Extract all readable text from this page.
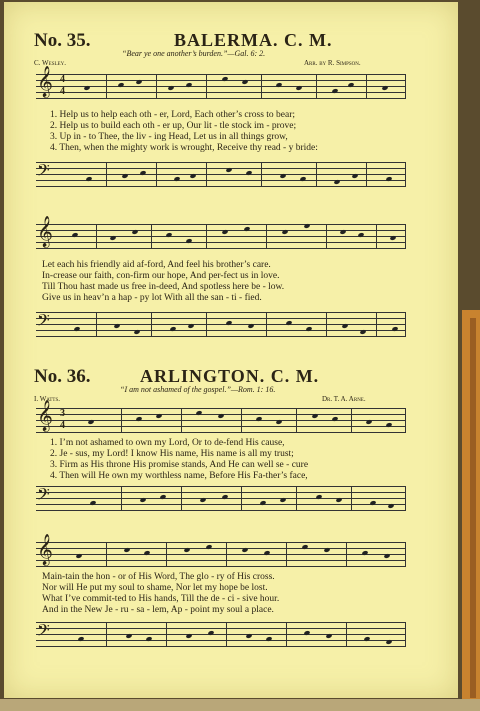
No. 35.	BALERMA. C. M.
“Bear ye one another’s burden.”—Gal. 6: 2.
C. Wesley.	Arr. by R. Simpson.
𝄞 4
4
1. Help us to help each oth - er, Lord, Each other’s cross to bear;
2. Help us to build each oth - er up, Our lit - tle stock im - prove;
3. Up in - to Thee, the liv - ing Head, Let us in all things grow,
4. Then, when the mighty work is wrought, Receive thy read - y bride:
𝄢
𝄞
Let each his friendly aid af-ford, And feel his brother’s care.
In-crease our faith, con-firm our hope, And per-fect us in love.
Till Thou hast made us free in-deed, And spotless here be - low.
Give us in heav’n a hap - py lot With all the san - ti - fied.
𝄢
No. 36.	ARLINGTON. C. M.
“I am not ashamed of the gospel.”—Rom. 1: 16.
I. Watts.	Dr. T. A. Arne.
𝄞 3
4
1. I’m not ashamed to own my Lord, Or to de-fend His cause,
2. Je - sus, my Lord! I know His name, His name is all my trust;
3. Firm as His throne His promise stands, And He can well se - cure
4. Then will He own my worthless name, Before His Fa-ther’s face,
𝄢
𝄞
Main-tain the hon - or of His Word, The glo - ry of His cross.
Nor will He put my soul to shame, Nor let my hope be lost.
What I’ve commit-ted to His hands, Till the de - ci - sive hour.
And in the New Je - ru - sa - lem, Ap - point my soul a place.
𝄢
